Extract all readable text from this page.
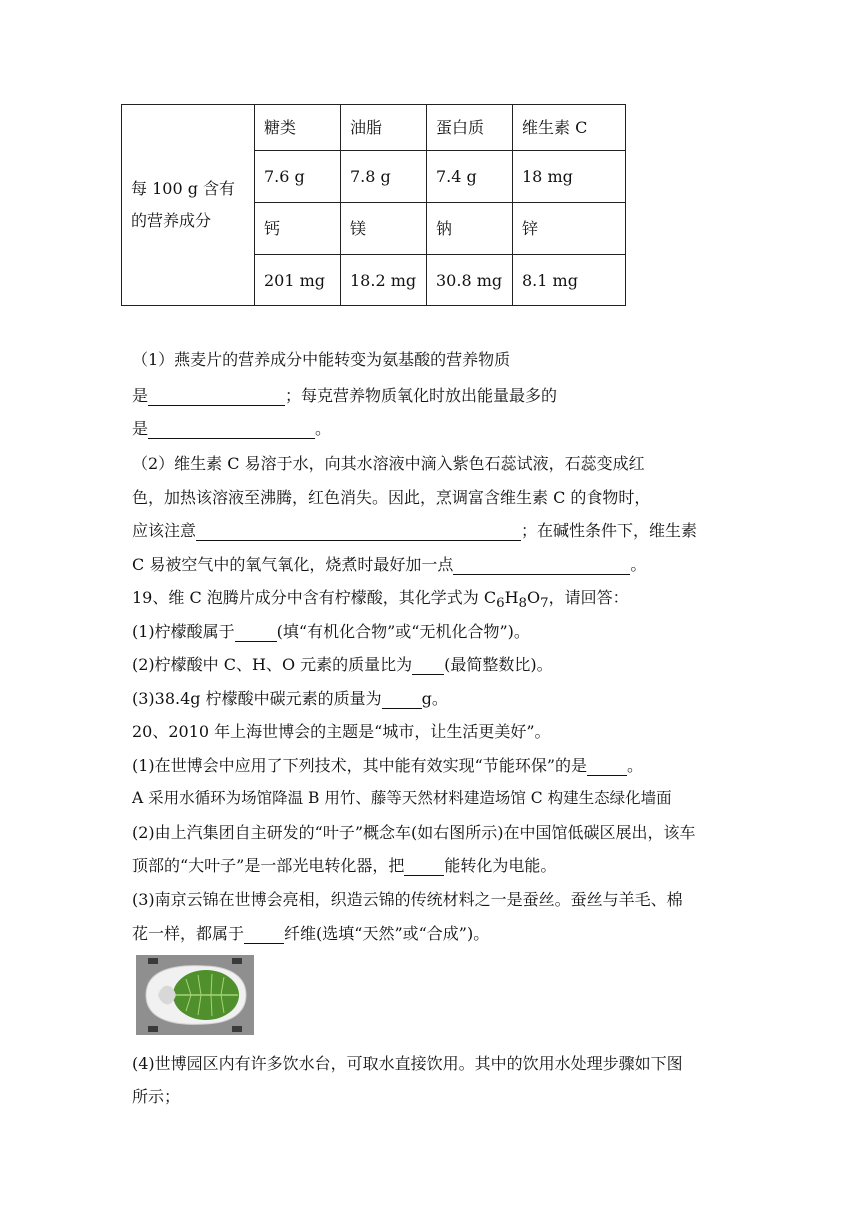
每 100 g 含有
的营养成分	糖类	油脂	蛋白质	维生素 C
	7.6 g	7.8 g	7.4 g	18 mg
	钙	镁	钠	锌
	201 mg	18.2 mg	30.8 mg	8.1 mg
（1）燕麦片的营养成分中能转变为氨基酸的营养物质
是	；每克营养物质氧化时放出能量最多的
是	。
（2）维生素 C 易溶于水，向其水溶液中滴入紫色石蕊试液，石蕊变成红
色，加热该溶液至沸腾，红色消失。因此，烹调富含维生素 C 的食物时，
应该注意	；在碱性条件下，维生素
C 易被空气中的氧气氧化，烧煮时最好加一点	。
19、维 C 泡腾片成分中含有柠檬酸，其化学式为 $C_6H_8O_7$，请回答：
(1)柠檬酸属于	(填“有机化合物”或“无机化合物”)。
(2)柠檬酸中 C、H、O 元素的质量比为 (最简整数比)。
(3)38.4g 柠檬酸中碳元素的质量为	g。
20、2010 年上海世博会的主题是“城市，让生活更美好”。
(1)在世博会中应用了下列技术，其中能有效实现“节能环保”的是	。
A 采用水循环为场馆降温 B 用竹、藤等天然材料建造场馆 C 构建生态绿化墙面
(2)由上汽集团自主研发的“叶子”概念车(如右图所示)在中国馆低碳区展出，该车
顶部的“大叶子”是一部光电转化器，把	能转化为电能。
(3)南京云锦在世博会亮相，织造云锦的传统材料之一是蚕丝。蚕丝与羊毛、棉
花一样，都属于	纤维(选填“天然”或“合成”)。
(4)世博园区内有许多饮水台，可取水直接饮用。其中的饮用水处理步骤如下图
所示；
